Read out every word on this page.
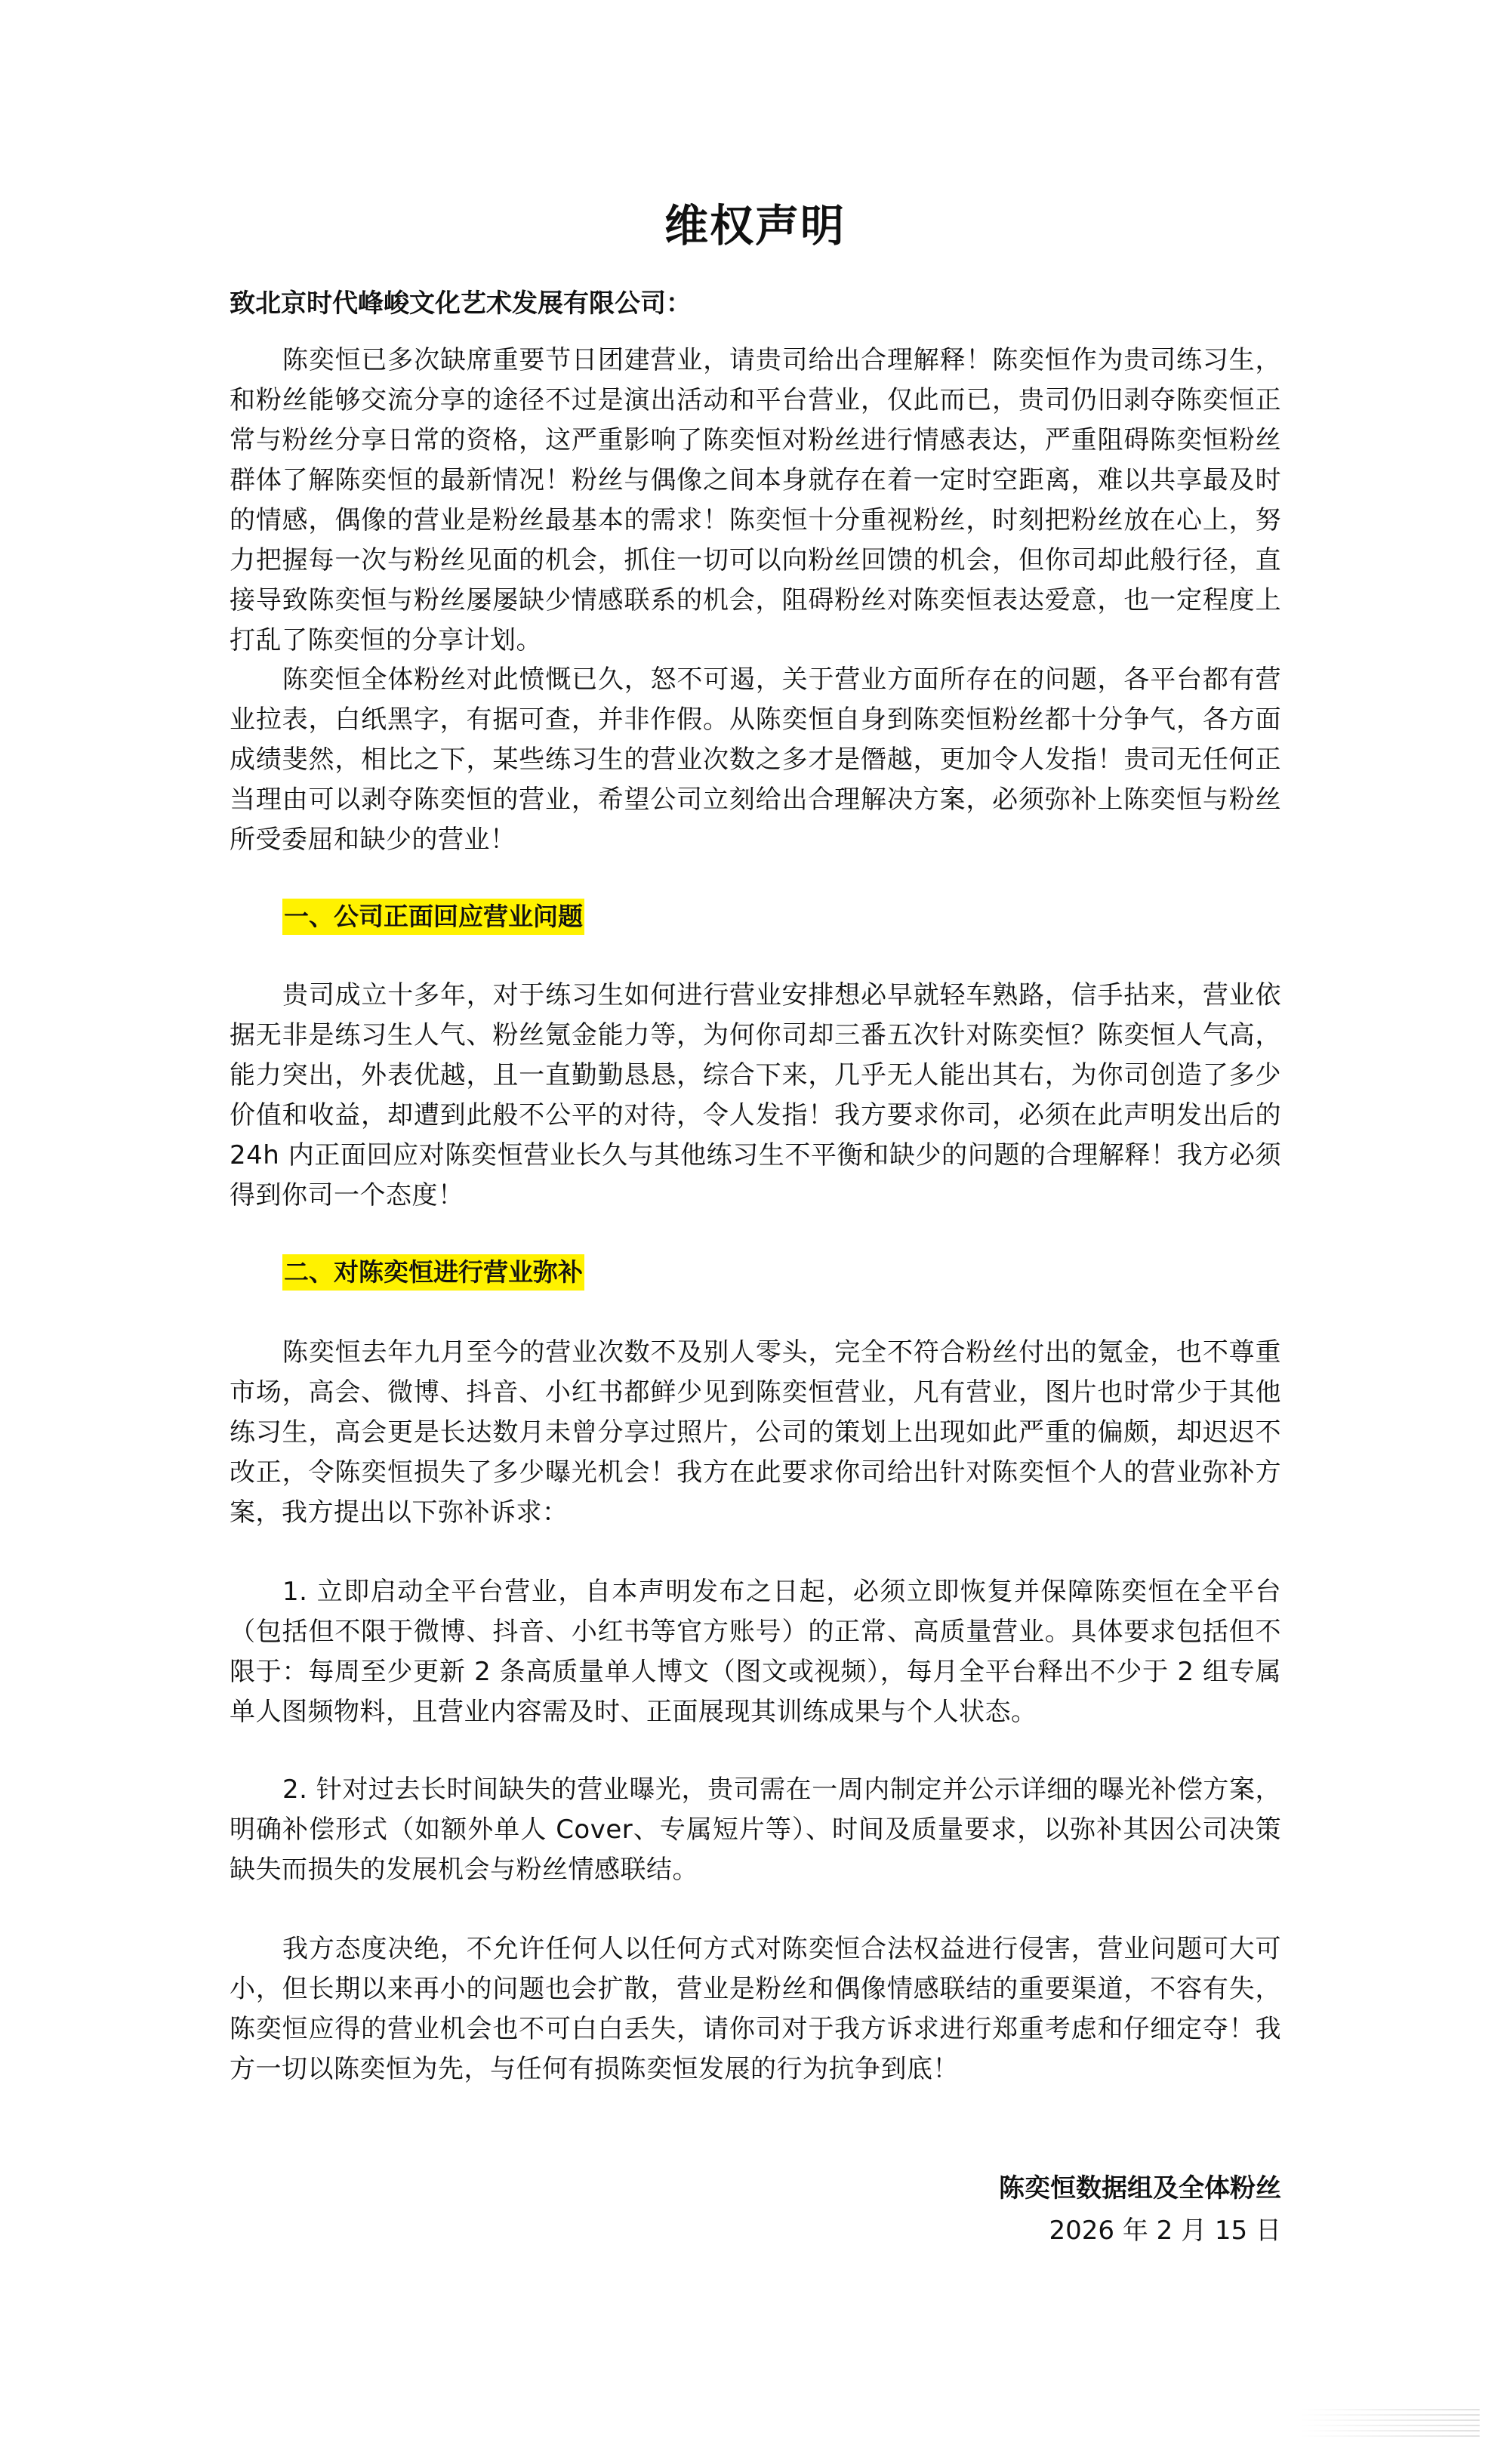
维权声明
致北京时代峰峻文化艺术发展有限公司：
陈奕恒已多次缺席重要节日团建营业，请贵司给出合理解释！陈奕恒作为贵司练习生，和粉丝能够交流分享的途径不过是演出活动和平台营业，仅此而已，贵司仍旧剥夺陈奕恒正常与粉丝分享日常的资格，这严重影响了陈奕恒对粉丝进行情感表达，严重阻碍陈奕恒粉丝群体了解陈奕恒的最新情况！粉丝与偶像之间本身就存在着一定时空距离，难以共享最及时的情感，偶像的营业是粉丝最基本的需求！陈奕恒十分重视粉丝，时刻把粉丝放在心上，努力把握每一次与粉丝见面的机会，抓住一切可以向粉丝回馈的机会，但你司却此般行径，直接导致陈奕恒与粉丝屡屡缺少情感联系的机会，阻碍粉丝对陈奕恒表达爱意，也一定程度上打乱了陈奕恒的分享计划。
陈奕恒全体粉丝对此愤慨已久，怒不可遏，关于营业方面所存在的问题，各平台都有营业拉表，白纸黑字，有据可查，并非作假。从陈奕恒自身到陈奕恒粉丝都十分争气，各方面成绩斐然，相比之下，某些练习生的营业次数之多才是僭越，更加令人发指！贵司无任何正当理由可以剥夺陈奕恒的营业，希望公司立刻给出合理解决方案，必须弥补上陈奕恒与粉丝所受委屈和缺少的营业！
一、公司正面回应营业问题
贵司成立十多年，对于练习生如何进行营业安排想必早就轻车熟路，信手拈来，营业依据无非是练习生人气、粉丝氪金能力等，为何你司却三番五次针对陈奕恒？陈奕恒人气高，能力突出，外表优越，且一直勤勤恳恳，综合下来，几乎无人能出其右，为你司创造了多少价值和收益，却遭到此般不公平的对待，令人发指！我方要求你司，必须在此声明发出后的24h 内正面回应对陈奕恒营业长久与其他练习生不平衡和缺少的问题的合理解释！我方必须得到你司一个态度！
二、对陈奕恒进行营业弥补
陈奕恒去年九月至今的营业次数不及别人零头，完全不符合粉丝付出的氪金，也不尊重市场，高会、微博、抖音、小红书都鲜少见到陈奕恒营业，凡有营业，图片也时常少于其他练习生，高会更是长达数月未曾分享过照片，公司的策划上出现如此严重的偏颇，却迟迟不改正，令陈奕恒损失了多少曝光机会！我方在此要求你司给出针对陈奕恒个人的营业弥补方案，我方提出以下弥补诉求：
1. 立即启动全平台营业，自本声明发布之日起，必须立即恢复并保障陈奕恒在全平台（包括但不限于微博、抖音、小红书等官方账号）的正常、高质量营业。具体要求包括但不限于：每周至少更新 2 条高质量单人博文（图文或视频），每月全平台释出不少于 2 组专属单人图频物料，且营业内容需及时、正面展现其训练成果与个人状态。
2. 针对过去长时间缺失的营业曝光，贵司需在一周内制定并公示详细的曝光补偿方案，明确补偿形式（如额外单人 Cover、专属短片等）、时间及质量要求，以弥补其因公司决策缺失而损失的发展机会与粉丝情感联结。
我方态度决绝，不允许任何人以任何方式对陈奕恒合法权益进行侵害，营业问题可大可小，但长期以来再小的问题也会扩散，营业是粉丝和偶像情感联结的重要渠道，不容有失，陈奕恒应得的营业机会也不可白白丢失，请你司对于我方诉求进行郑重考虑和仔细定夺！我方一切以陈奕恒为先，与任何有损陈奕恒发展的行为抗争到底！
陈奕恒数据组及全体粉丝
2026 年 2 月 15 日
